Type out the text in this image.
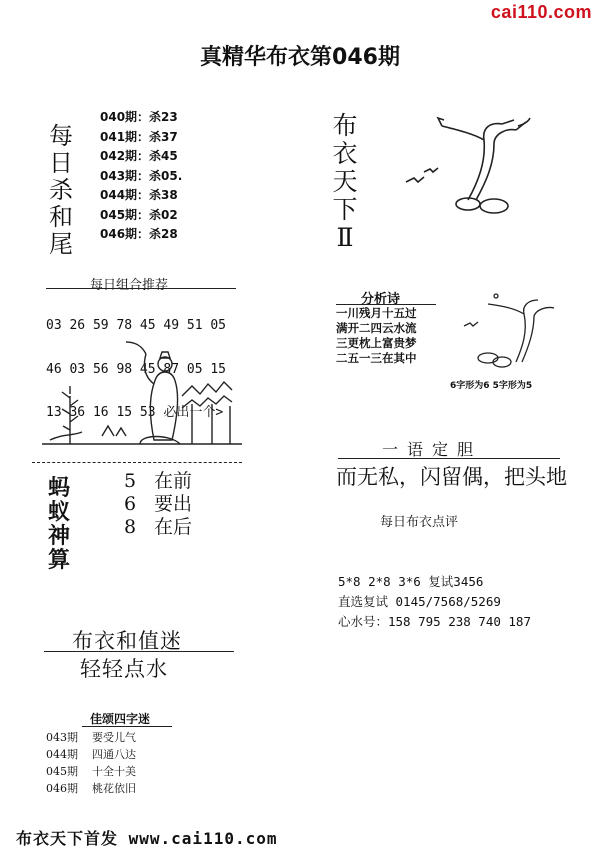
cai110.com
真精华布衣第046期
每
日
杀
和
尾
040期：杀23
041期：杀37
042期：杀45
043期：杀05.
044期：杀38
045期：杀02
046期：杀28
每日组合推荐

03 26 59 78 45 49 51 05

46 03 56 98 45 87 05 15

13 36 16 15 53 必出一个>

蚂
蚁
神
算
5 在前
6 要出
8 在后
布
衣
天
下
Ⅱ
分析诗
一川残月十五过
满开二四云水流
三更枕上富贵梦
二五一三在其中
6字形为6 5字形为5
一语定胆
而无私，闪留偶，把头地
每日布衣点评
5*8 2*8 3*6 复试3456
直选复试 0145/7568/5269
心水号：158 795 238 740 187
布衣和值迷
轻轻点水
佳颂四字迷
043期 要受儿气
044期 四通八达
045期 十全十美
046期 桃花依旧
布衣天下首发 www.cai110.com
